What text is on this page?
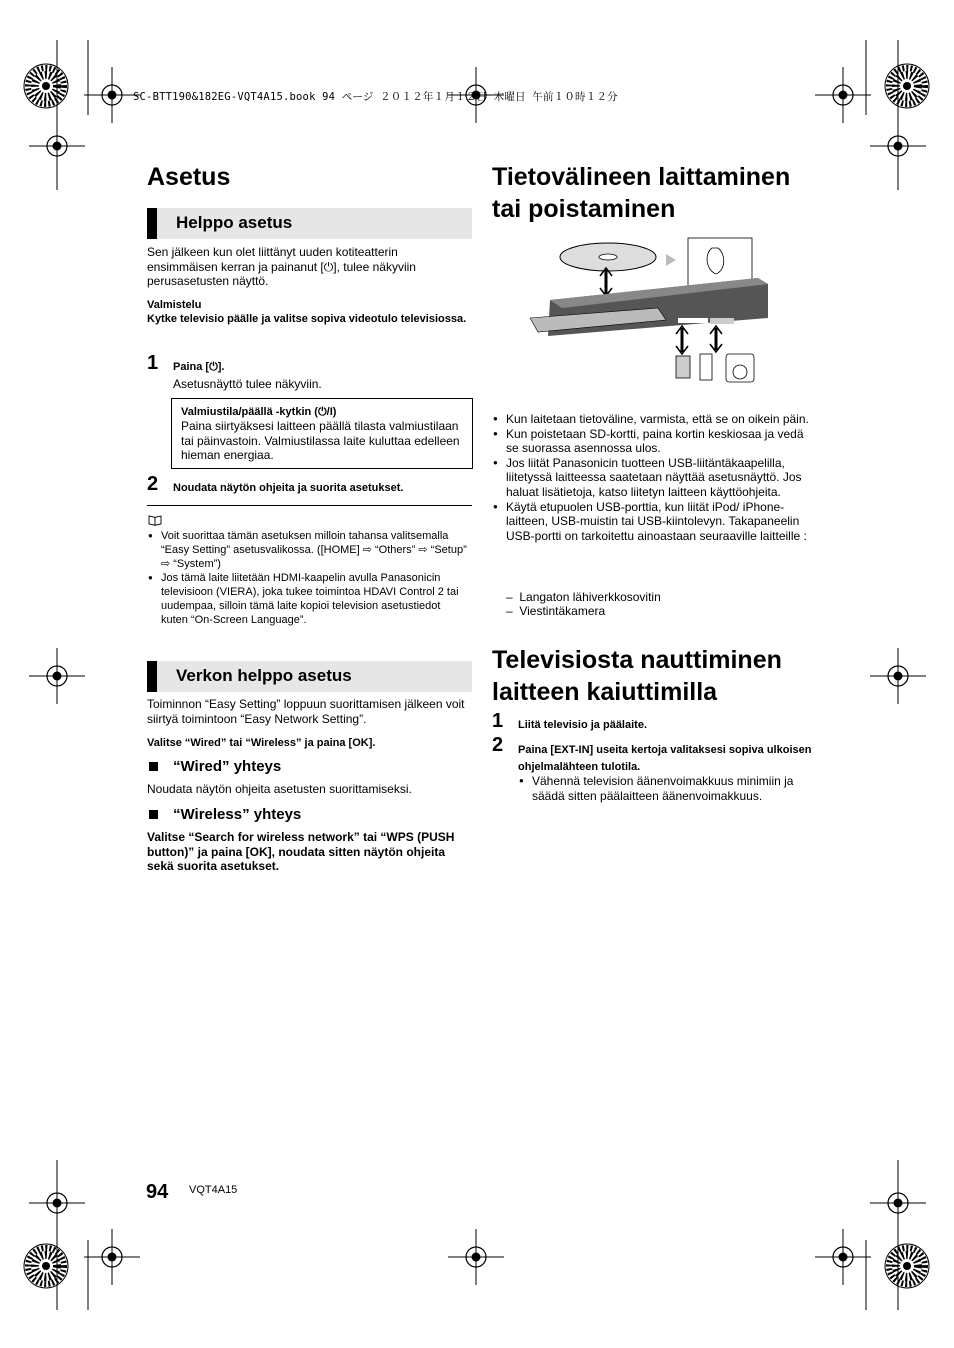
SC-BTT190&182EG-VQT4A15.book 94 ページ ２０１２年１月１２日 木曜日 午前１０時１２分
Asetus
Helppo asetus
Sen jälkeen kun olet liittänyt uuden kotiteatterin ensimmäisen kerran ja painanut [⏻], tulee näkyviin perusasetusten näyttö.
Valmistelu
Kytke televisio päälle ja valitse sopiva videotulo televisiossa.
1 Paina [⏻].
Asetusnäyttö tulee näkyviin.
Valmiustila/päällä -kytkin (⏻/I)
Paina siirtyäksesi laitteen päällä tilasta valmiustilaan tai päinvastoin. Valmiustilassa laite kuluttaa edelleen hieman energiaa.
2 Noudata näytön ohjeita ja suorita asetukset.
● Voit suorittaa tämän asetuksen milloin tahansa valitsemalla “Easy Setting” asetusvalikossa. ([HOME] ⇨ “Others” ⇨ “Setup” ⇨ “System”)
● Jos tämä laite liitetään HDMI-kaapelin avulla Panasonicin televisioon (VIERA), joka tukee toimintoa HDAVI Control 2 tai uudempaa, silloin tämä laite kopioi television asetustiedot kuten “On-Screen Language”.
Verkon helppo asetus
Toiminnon “Easy Setting” loppuun suorittamisen jälkeen voit siirtyä toimintoon “Easy Network Setting”.
Valitse “Wired” tai “Wireless” ja paina [OK].
“Wired” yhteys
Noudata näytön ohjeita asetusten suorittamiseksi.
“Wireless” yhteys
Valitse “Search for wireless network” tai “WPS (PUSH button)” ja paina [OK], noudata sitten näytön ohjeita sekä suorita asetukset.
Tietovälineen laittaminen
tai poistaminen
● Kun laitetaan tietoväline, varmista, että se on oikein päin.
● Kun poistetaan SD-kortti, paina kortin keskiosaa ja vedä se suorassa asennossa ulos.
● Jos liität Panasonicin tuotteen USB-liitäntäkaapelilla, liitetyssä laitteessa saatetaan näyttää asetusnäyttö. Jos haluat lisätietoja, katso liitetyn laitteen käyttöohjeita.
● Käytä etupuolen USB-porttia, kun liität iPod/ iPhone-laitteen, USB-muistin tai USB-kiintolevyn. Takapaneelin USB-portti on tarkoitettu ainoastaan seuraaville laitteille :
–  Langaton lähiverkkosovitin
–  Viestintäkamera
Televisiosta nauttiminen
laitteen kaiuttimilla
1 Liitä televisio ja päälaite.
2 Paina [EXT-IN] useita kertoja valitaksesi sopiva ulkoisen ohjelmalähteen tulotila.
● Vähennä television äänenvoimakkuus minimiin ja säädä sitten päälaitteen äänenvoimakkuus.
94 VQT4A15
